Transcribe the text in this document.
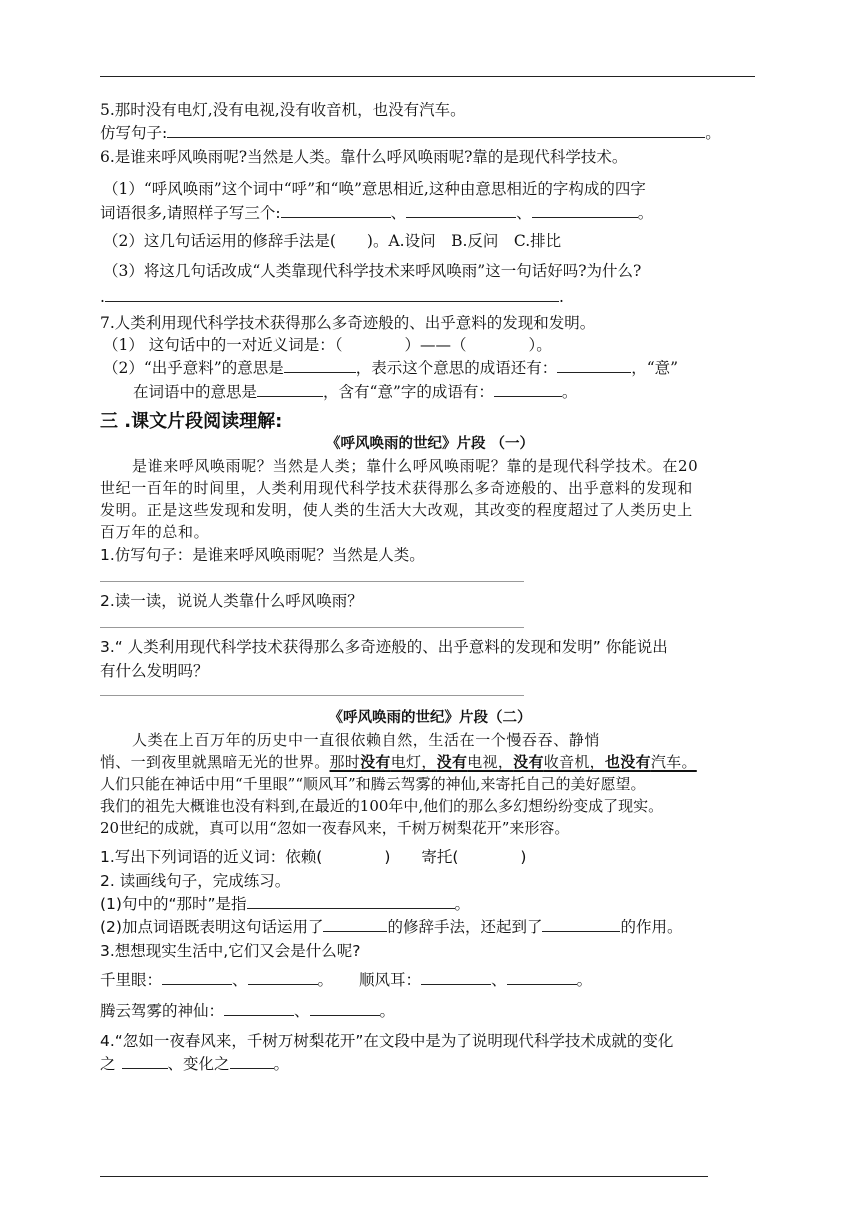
5.那时没有电灯,没有电视,没有收音机，也没有汽车。
仿写句子:	。
6.是谁来呼风唤雨呢?当然是人类。靠什么呼风唤雨呢?靠的是现代科学技术。
（1）“呼风唤雨”这个词中“呼”和“唤”意思相近,这种由意思相近的字构成的四字
词语很多,请照样子写三个:	、	、	。
（2）这几句话运用的修辞手法是(　　)。A.设问　B.反问　C.排比
（3）将这几句话改成“人类靠现代科学技术来呼风唤雨”这一句话好吗?为什么?
.	.
7.人类利用现代科学技术获得那么多奇迹般的、出乎意料的发现和发明。
（1） 这句话中的一对近义词是：（　　　　）——（　　　　）。
（2）“出乎意料”的意思是	，表示这个意思的成语还有：	，“意”
在词语中的意思是	，含有“意”字的成语有：	。
三 .课文片段阅读理解:
《呼风唤雨的世纪》片段 （一）
是谁来呼风唤雨呢？当然是人类；靠什么呼风唤雨呢？靠的是现代科学技术。在20
世纪一百年的时间里，人类利用现代科学技术获得那么多奇迹般的、出乎意料的发现和
发明。正是这些发现和发明，使人类的生活大大改观，其改变的程度超过了人类历史上
百万年的总和。
1.仿写句子：是谁来呼风唤雨呢？当然是人类。
2.读一读，说说人类靠什么呼风唤雨？
3.“ 人类利用现代科学技术获得那么多奇迹般的、出乎意料的发现和发明” 你能说出
有什么发明吗？
《呼风唤雨的世纪》片段（二）
人类在上百万年的历史中一直很依赖自然，生活在一个慢吞吞、静悄
悄、一到夜里就黑暗无光的世界。那时没有电灯，没有电视，没有收音机，也没有汽车。
人们只能在神话中用“千里眼”“顺风耳”和腾云驾雾的神仙,来寄托自己的美好愿望。
我们的祖先大概谁也没有料到,在最近的100年中,他们的那么多幻想纷纷变成了现实。
20世纪的成就，真可以用“忽如一夜春风来，千树万树梨花开”来形容。
1.写出下列词语的近义词：依赖(　　　　)　　寄托(　　　　)
2. 读画线句子，完成练习。
(1)句中的“那时”是指	。
(2)加点词语既表明这句话运用了	的修辞手法，还起到了	的作用。
3.想想现实生活中,它们又会是什么呢?
千里眼：	、	。 顺风耳：	、	。
腾云驾雾的神仙：	、	。
4.“忽如一夜春风来，千树万树梨花开”在文段中是为了说明现代科学技术成就的变化
之	、变化之	。
